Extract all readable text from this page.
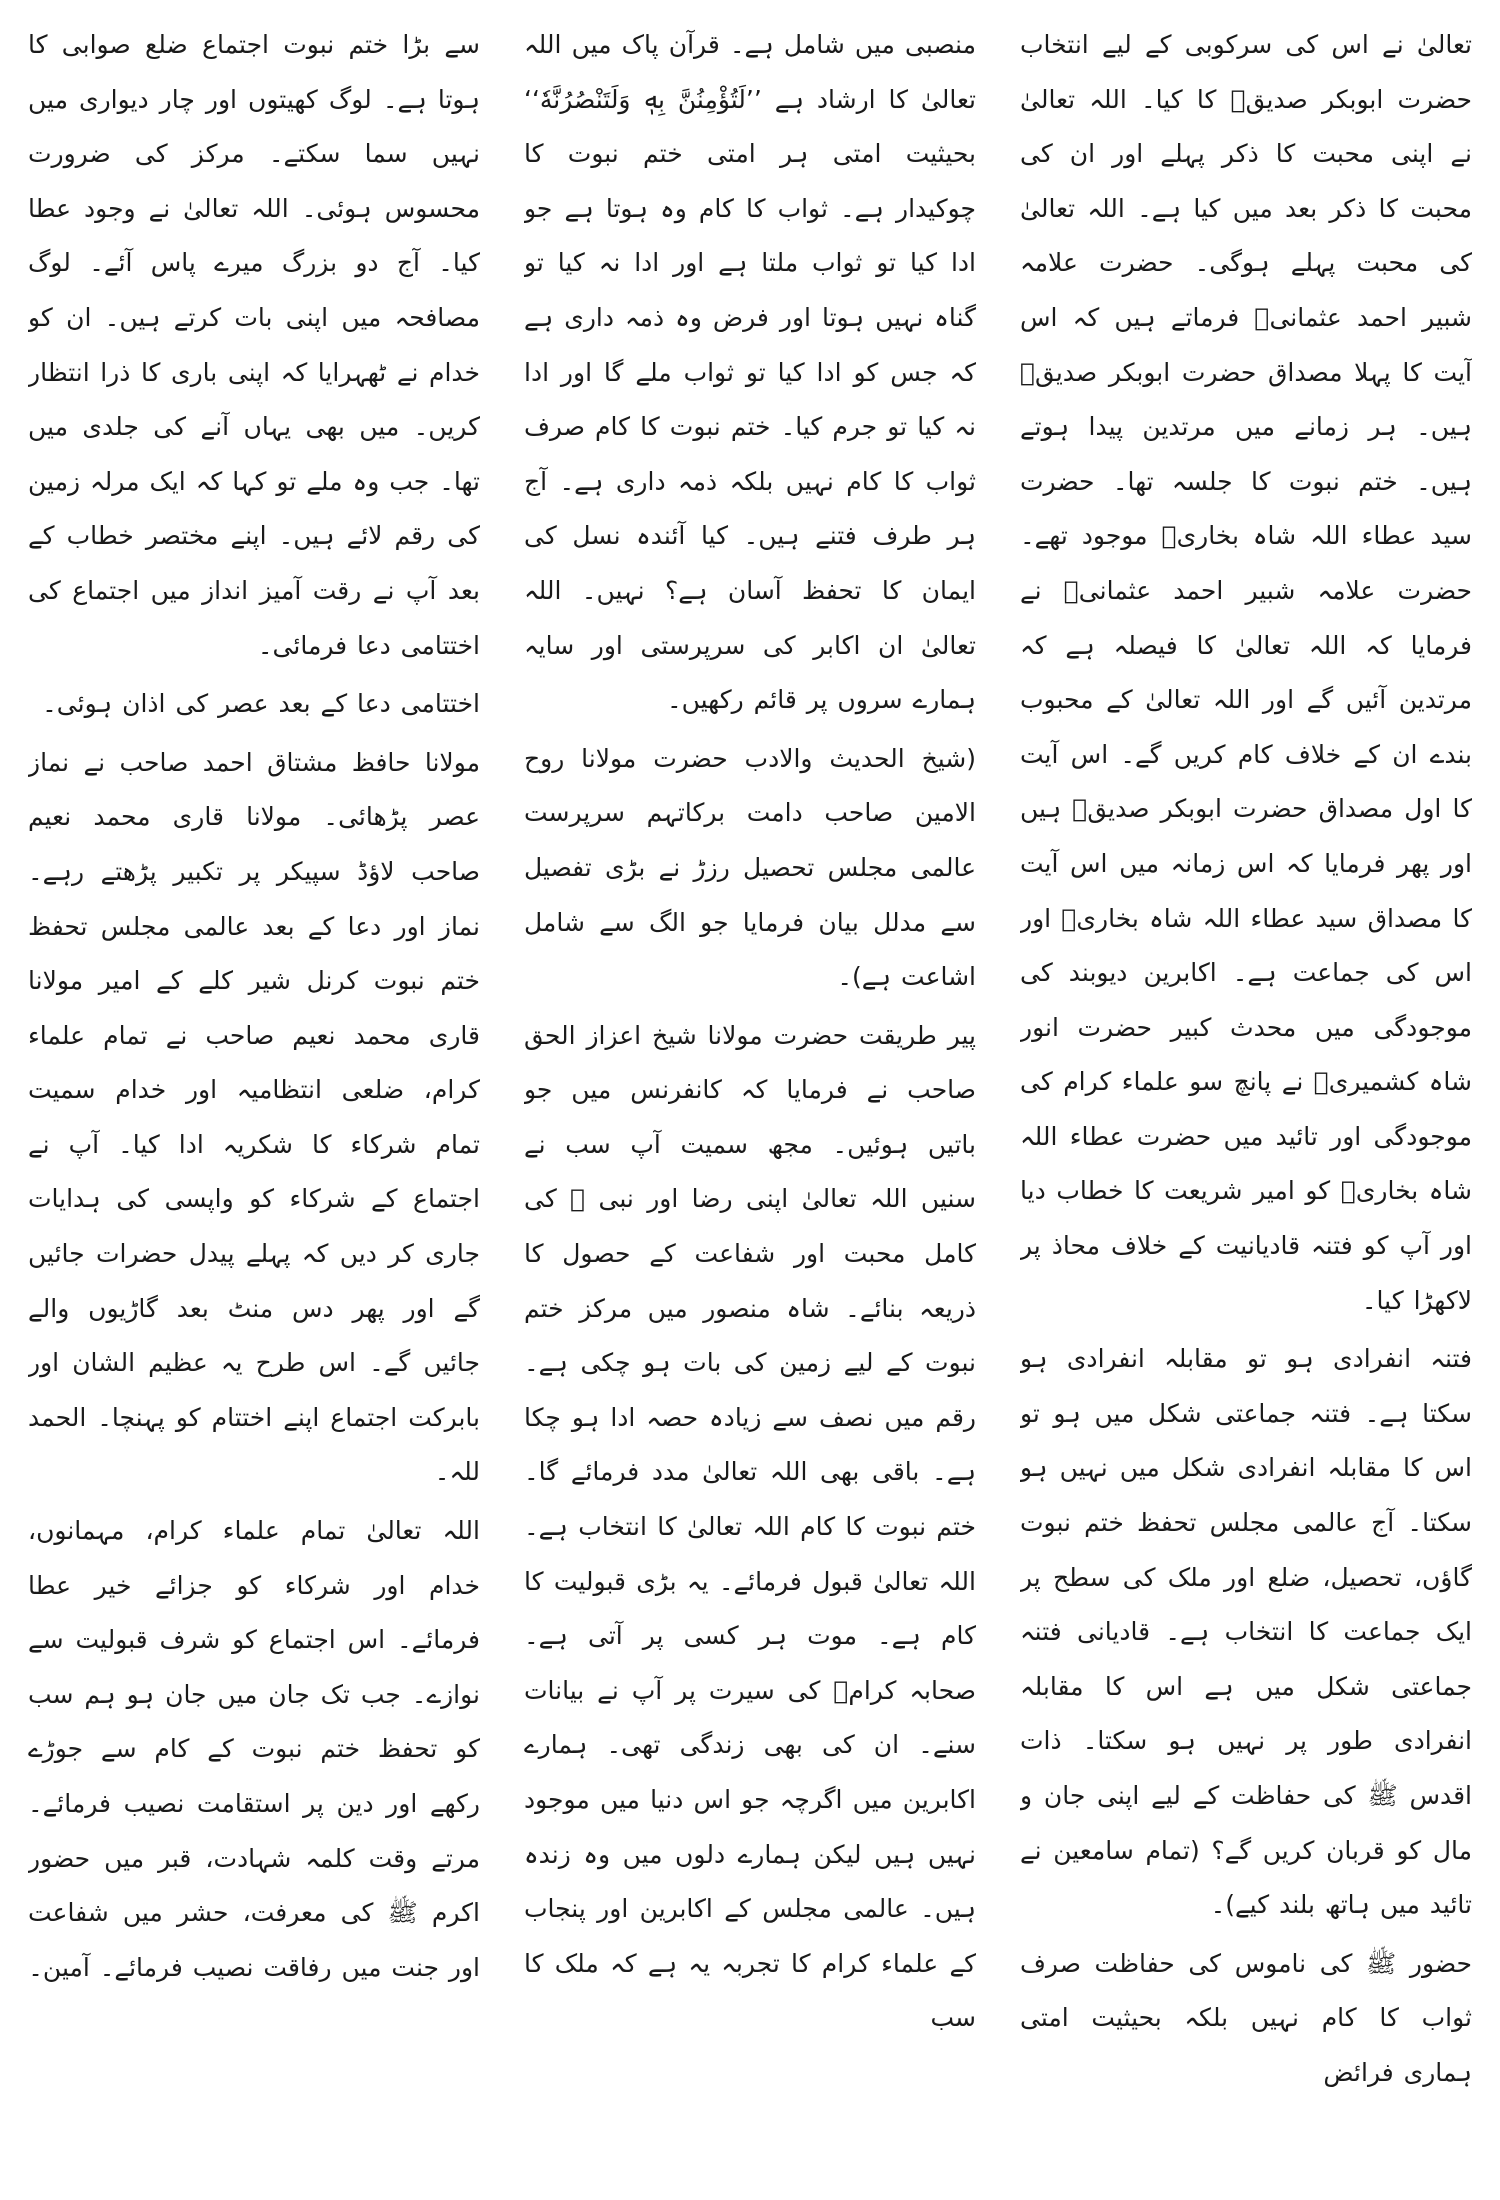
تعالیٰ نے اس کی سرکوبی کے لیے انتخاب حضرت ابوبکر صدیقؓ کا کیا۔ اللہ تعالیٰ نے اپنی محبت کا ذکر پہلے اور ان کی محبت کا ذکر بعد میں کیا ہے۔ اللہ تعالیٰ کی محبت پہلے ہوگی۔ حضرت علامہ شبیر احمد عثمانیؒ فرماتے ہیں کہ اس آیت کا پہلا مصداق حضرت ابوبکر صدیقؓ ہیں۔ ہر زمانے میں مرتدین پیدا ہوتے ہیں۔ ختم نبوت کا جلسہ تھا۔ حضرت سید عطاء اللہ شاہ بخاریؒ موجود تھے۔ حضرت علامہ شبیر احمد عثمانیؒ نے فرمایا کہ اللہ تعالیٰ کا فیصلہ ہے کہ مرتدین آئیں گے اور اللہ تعالیٰ کے محبوب بندے ان کے خلاف کام کریں گے۔ اس آیت کا اول مصداق حضرت ابوبکر صدیقؓ ہیں اور پھر فرمایا کہ اس زمانہ میں اس آیت کا مصداق سید عطاء اللہ شاہ بخاریؒ اور اس کی جماعت ہے۔ اکابرین دیوبند کی موجودگی میں محدث کبیر حضرت انور شاہ کشمیریؒ نے پانچ سو علماء کرام کی موجودگی اور تائید میں حضرت عطاء اللہ شاہ بخاریؒ کو امیر شریعت کا خطاب دیا اور آپ کو فتنہ قادیانیت کے خلاف محاذ پر لاکھڑا کیا۔

فتنہ انفرادی ہو تو مقابلہ انفرادی ہو سکتا ہے۔ فتنہ جماعتی شکل میں ہو تو اس کا مقابلہ انفرادی شکل میں نہیں ہو سکتا۔ آج عالمی مجلس تحفظ ختم نبوت گاؤں، تحصیل، ضلع اور ملک کی سطح پر ایک جماعت کا انتخاب ہے۔ قادیانی فتنہ جماعتی شکل میں ہے اس کا مقابلہ انفرادی طور پر نہیں ہو سکتا۔ ذات اقدس ﷺ کی حفاظت کے لیے اپنی جان و مال کو قربان کریں گے؟ (تمام سامعین نے تائید میں ہاتھ بلند کیے)۔

حضور ﷺ کی ناموس کی حفاظت صرف ثواب کا کام نہیں بلکہ بحیثیت امتی ہماری فرائض

منصبی میں شامل ہے۔ قرآن پاک میں اللہ تعالیٰ کا ارشاد ہے ’’لَتُؤْمِنُنَّ بِهٖ وَلَتَنْصُرُنَّهٗ‘‘ بحیثیت امتی ہر امتی ختم نبوت کا چوکیدار ہے۔ ثواب کا کام وہ ہوتا ہے جو ادا کیا تو ثواب ملتا ہے اور ادا نہ کیا تو گناہ نہیں ہوتا اور فرض وہ ذمہ داری ہے کہ جس کو ادا کیا تو ثواب ملے گا اور ادا نہ کیا تو جرم کیا۔ ختم نبوت کا کام صرف ثواب کا کام نہیں بلکہ ذمہ داری ہے۔ آج ہر طرف فتنے ہیں۔ کیا آئندہ نسل کی ایمان کا تحفظ آسان ہے؟ نہیں۔ اللہ تعالیٰ ان اکابر کی سرپرستی اور سایہ ہمارے سروں پر قائم رکھیں۔

(شیخ الحدیث والادب حضرت مولانا روح الامین صاحب دامت برکاتہم سرپرست عالمی مجلس تحصیل رزڑ نے بڑی تفصیل سے مدلل بیان فرمایا جو الگ سے شامل اشاعت ہے)۔

پیر طریقت حضرت مولانا شیخ اعزاز الحق صاحب نے فرمایا کہ کانفرنس میں جو باتیں ہوئیں۔ مجھ سمیت آپ سب نے سنیں اللہ تعالیٰ اپنی رضا اور نبی ﷺ کی کامل محبت اور شفاعت کے حصول کا ذریعہ بنائے۔ شاہ منصور میں مرکز ختم نبوت کے لیے زمین کی بات ہو چکی ہے۔ رقم میں نصف سے زیادہ حصہ ادا ہو چکا ہے۔ باقی بھی اللہ تعالیٰ مدد فرمائے گا۔ ختم نبوت کا کام اللہ تعالیٰ کا انتخاب ہے۔ اللہ تعالیٰ قبول فرمائے۔ یہ بڑی قبولیت کا کام ہے۔ موت ہر کسی پر آتی ہے۔ صحابہ کرامؓ کی سیرت پر آپ نے بیانات سنے۔ ان کی بھی زندگی تھی۔ ہمارے اکابرین میں اگرچہ جو اس دنیا میں موجود نہیں ہیں لیکن ہمارے دلوں میں وہ زندہ ہیں۔ عالمی مجلس کے اکابرین اور پنجاب کے علماء کرام کا تجربہ یہ ہے کہ ملک کا سب

سے بڑا ختم نبوت اجتماع ضلع صوابی کا ہوتا ہے۔ لوگ کھیتوں اور چار دیواری میں نہیں سما سکتے۔ مرکز کی ضرورت محسوس ہوئی۔ اللہ تعالیٰ نے وجود عطا کیا۔ آج دو بزرگ میرے پاس آئے۔ لوگ مصافحہ میں اپنی بات کرتے ہیں۔ ان کو خدام نے ٹھہرایا کہ اپنی باری کا ذرا انتظار کریں۔ میں بھی یہاں آنے کی جلدی میں تھا۔ جب وہ ملے تو کہا کہ ایک مرلہ زمین کی رقم لائے ہیں۔ اپنے مختصر خطاب کے بعد آپ نے رقت آمیز انداز میں اجتماع کی اختتامی دعا فرمائی۔

اختتامی دعا کے بعد عصر کی اذان ہوئی۔

مولانا حافظ مشتاق احمد صاحب نے نماز عصر پڑھائی۔ مولانا قاری محمد نعیم صاحب لاؤڈ سپیکر پر تکبیر پڑھتے رہے۔ نماز اور دعا کے بعد عالمی مجلس تحفظ ختم نبوت کرنل شیر کلے کے امیر مولانا قاری محمد نعیم صاحب نے تمام علماء کرام، ضلعی انتظامیہ اور خدام سمیت تمام شرکاء کا شکریہ ادا کیا۔ آپ نے اجتماع کے شرکاء کو واپسی کی ہدایات جاری کر دیں کہ پہلے پیدل حضرات جائیں گے اور پھر دس منٹ بعد گاڑیوں والے جائیں گے۔ اس طرح یہ عظیم الشان اور بابرکت اجتماع اپنے اختتام کو پہنچا۔ الحمد للہ۔

اللہ تعالیٰ تمام علماء کرام، مہمانوں، خدام اور شرکاء کو جزائے خیر عطا فرمائے۔ اس اجتماع کو شرف قبولیت سے نوازے۔ جب تک جان میں جان ہو ہم سب کو تحفظ ختم نبوت کے کام سے جوڑے رکھے اور دین پر استقامت نصیب فرمائے۔ مرتے وقت کلمہ شہادت، قبر میں حضور اکرم ﷺ کی معرفت، حشر میں شفاعت اور جنت میں رفاقت نصیب فرمائے۔ آمین۔
